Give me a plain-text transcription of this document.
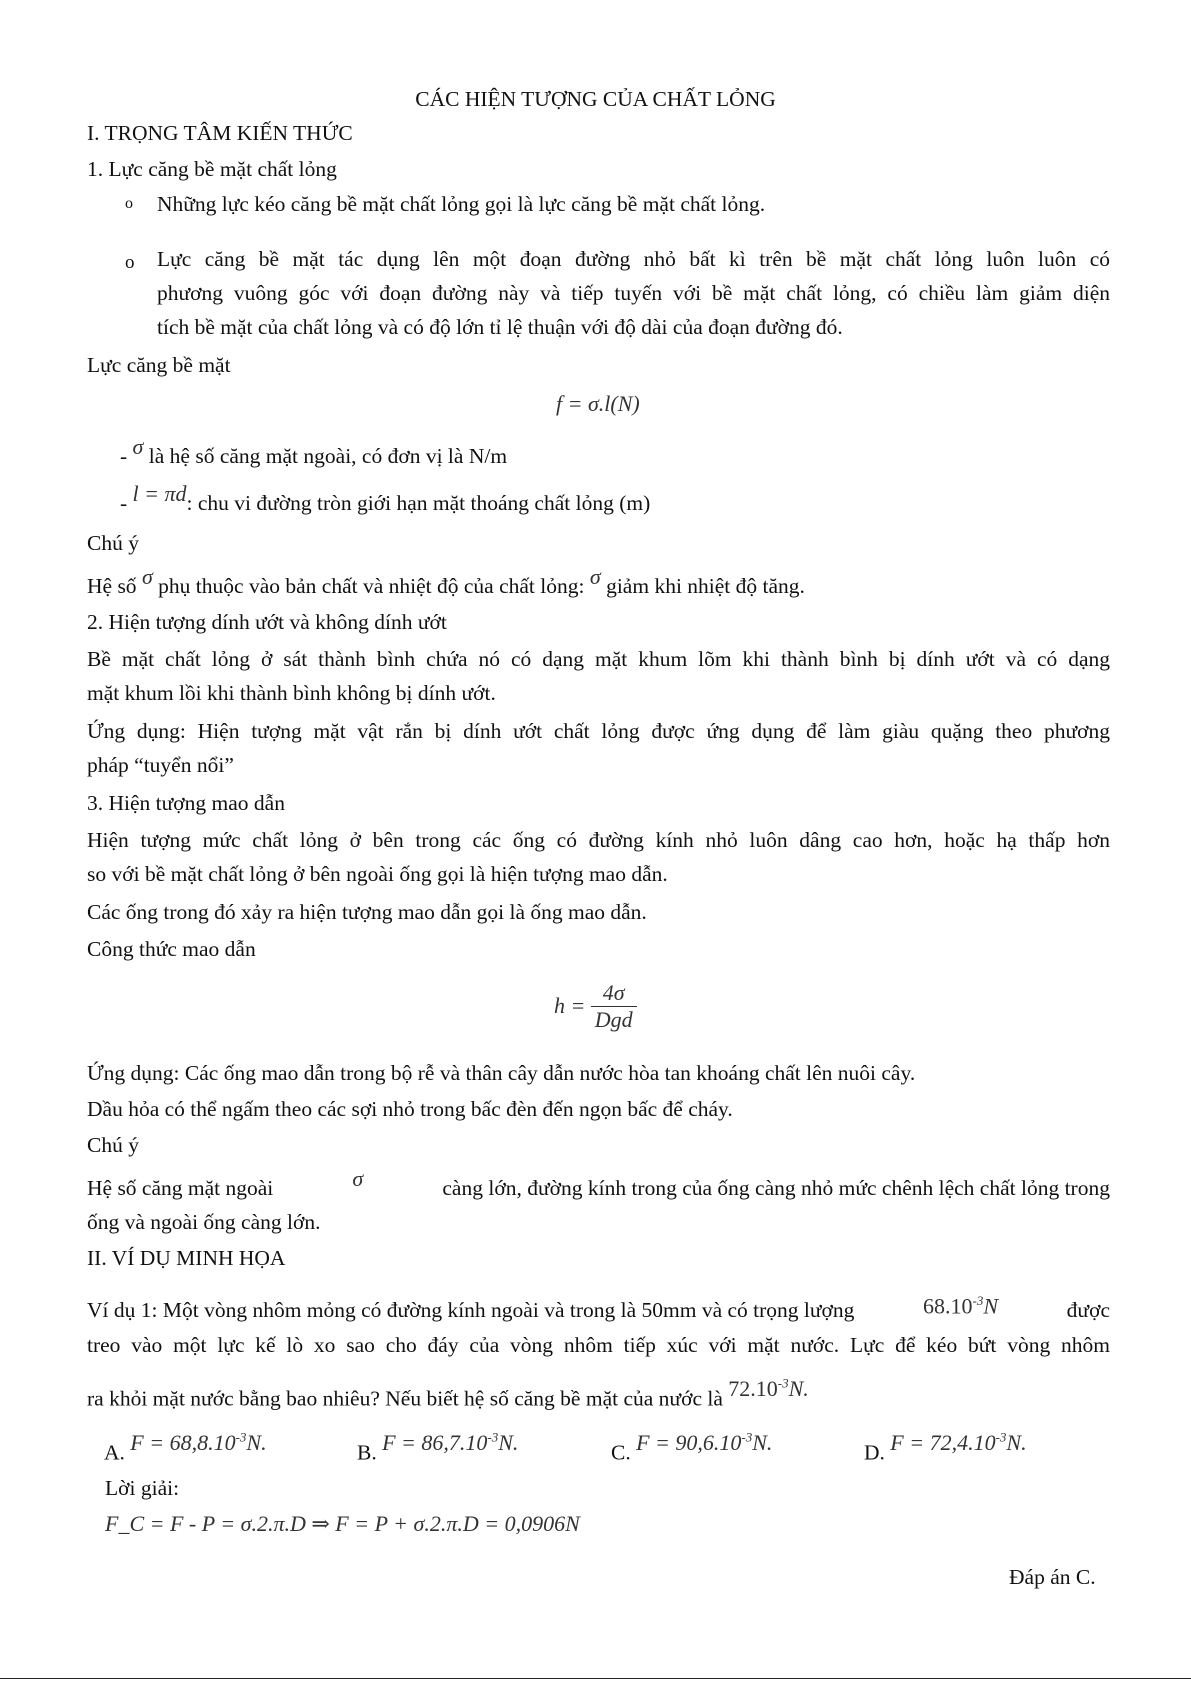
CÁC HIỆN TƯỢNG CỦA CHẤT LỎNG
I. TRỌNG TÂM KIẾN THỨC
1. Lực căng bề mặt chất lỏng
o Những lực kéo căng bề mặt chất lỏng gọi là lực căng bề mặt chất lỏng.
o Lực căng bề mặt tác dụng lên một đoạn đường nhỏ bất kì trên bề mặt chất lỏng luôn luôn có
phương vuông góc với đoạn đường này và tiếp tuyến với bề mặt chất lỏng, có chiều làm giảm diện
tích bề mặt của chất lỏng và có độ lớn tỉ lệ thuận với độ dài của đoạn đường đó.
Lực căng bề mặt
f = σ.l(N)
- σ là hệ số căng mặt ngoài, có đơn vị là N/m
- l = πd: chu vi đường tròn giới hạn mặt thoáng chất lỏng (m)
Chú ý
Hệ số σ phụ thuộc vào bản chất và nhiệt độ của chất lỏng: σ giảm khi nhiệt độ tăng.
2. Hiện tượng dính ướt và không dính ướt
Bề mặt chất lỏng ở sát thành bình chứa nó có dạng mặt khum lõm khi thành bình bị dính ướt và có dạng
mặt khum lồi khi thành bình không bị dính ướt.
Ứng dụng: Hiện tượng mặt vật rắn bị dính ướt chất lỏng được ứng dụng để làm giàu quặng theo phương
pháp “tuyển nổi”
3. Hiện tượng mao dẫn
Hiện tượng mức chất lỏng ở bên trong các ống có đường kính nhỏ luôn dâng cao hơn, hoặc hạ thấp hơn
so với bề mặt chất lỏng ở bên ngoài ống gọi là hiện tượng mao dẫn.
Các ống trong đó xảy ra hiện tượng mao dẫn gọi là ống mao dẫn.
Công thức mao dẫn
$h = \frac{4\sigma}{\text{Dgd}}$
Ứng dụng: Các ống mao dẫn trong bộ rễ và thân cây dẫn nước hòa tan khoáng chất lên nuôi cây.
Dầu hỏa có thể ngấm theo các sợi nhỏ trong bấc đèn đến ngọn bấc để cháy.
Chú ý
Hệ số căng mặt ngoài	σ	càng lớn, đường kính trong của ống càng nhỏ mức chênh lệch chất lỏng trong
ống và ngoài ống càng lớn.
II. VÍ DỤ MINH HỌA
Ví dụ 1: Một vòng nhôm mỏng có đường kính ngoài và trong là 50mm và có trọng lượng	$68.10^{-3}N$	được
treo vào một lực kế lò xo sao cho đáy của vòng nhôm tiếp xúc với mặt nước. Lực để kéo bứt vòng nhôm
ra khỏi mặt nước bằng bao nhiêu? Nếu biết hệ số căng bề mặt của nước là $72.10^{-3}N$.
A. $F = 68,8.10^{-3}N$.	B. $F = 86,7.10^{-3}N$.	C. $F = 90,6.10^{-3}N$.	D. $F = 72,4.10^{-3}N$.
Lời giải:
F_C = F - P = σ.2.π.D ⇒ F = P + σ.2.π.D = 0,0906N
Đáp án C.
